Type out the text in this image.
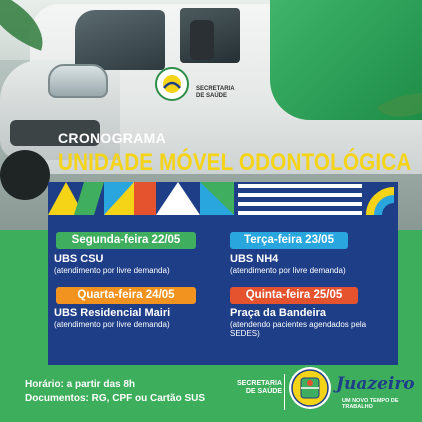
SECRETARIA DE SAÚDE
CRONOGRAMA
UNIDADE MÓVEL ODONTOLÓGICA
Segunda-feira 22/05
UBS CSU
(atendimento por livre demanda)
Terça-feira 23/05
UBS NH4
(atendimento por livre demanda)
Quarta-feira 24/05
UBS Residencial Mairi
(atendimento por livre demanda)
Quinta-feira 25/05
Praça da Bandeira
(atendendo pacientes agendados pela SEDES)
Horário: a partir das 8h
Documentos: RG, CPF ou Cartão SUS
SECRETARIA DE SAÚDE	Juazeiro
UM NOVO TEMPO DE TRABALHO
